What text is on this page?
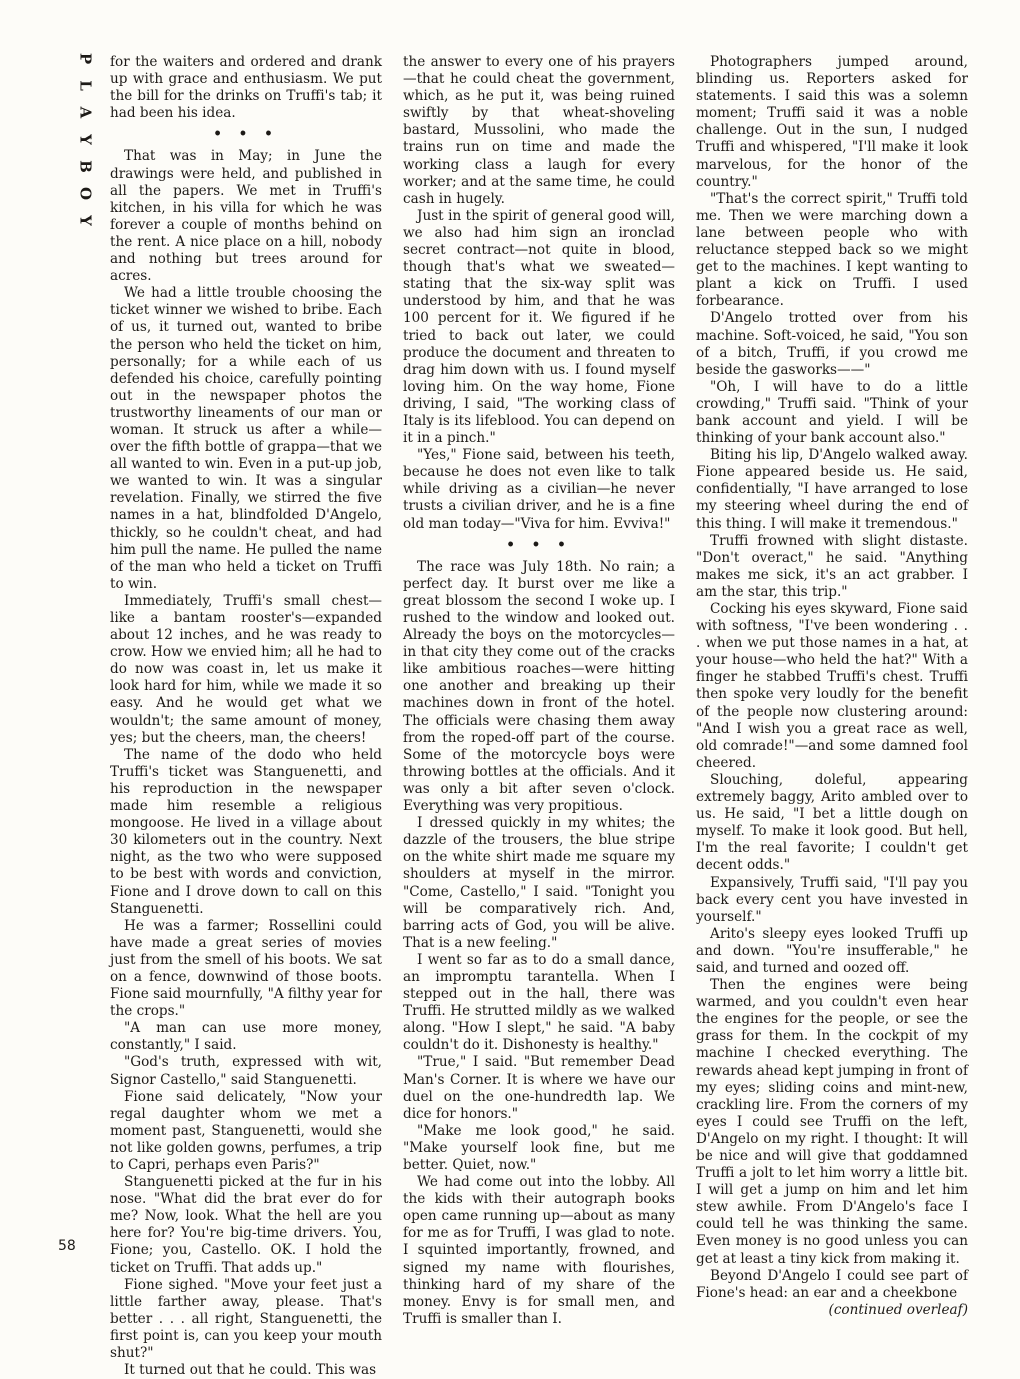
P
L
A
Y
B
O
Y

for the waiters and ordered and drank up with grace and enthusiasm. We put the bill for the drinks on Truffi's tab; it had been his idea.

• • •

That was in May; in June the drawings were held, and published in all the papers. We met in Truffi's kitchen, in his villa for which he was forever a couple of months behind on the rent. A nice place on a hill, nobody and nothing but trees around for acres.

We had a little trouble choosing the ticket winner we wished to bribe. Each of us, it turned out, wanted to bribe the person who held the ticket on him, personally; for a while each of us defended his choice, carefully pointing out in the newspaper photos the trustworthy lineaments of our man or woman. It struck us after a while—over the fifth bottle of grappa—that we all wanted to win. Even in a put-up job, we wanted to win. It was a singular revelation. Finally, we stirred the five names in a hat, blindfolded D'Angelo, thickly, so he couldn't cheat, and had him pull the name. He pulled the name of the man who held a ticket on Truffi to win.

Immediately, Truffi's small chest—like a bantam rooster's—expanded about 12 inches, and he was ready to crow. How we envied him; all he had to do now was coast in, let us make it look hard for him, while we made it so easy. And he would get what we wouldn't; the same amount of money, yes; but the cheers, man, the cheers!

The name of the dodo who held Truffi's ticket was Stanguenetti, and his reproduction in the newspaper made him resemble a religious mongoose. He lived in a village about 30 kilometers out in the country. Next night, as the two who were supposed to be best with words and conviction, Fione and I drove down to call on this Stanguenetti.

He was a farmer; Rossellini could have made a great series of movies just from the smell of his boots. We sat on a fence, downwind of those boots. Fione said mournfully, "A filthy year for the crops."

"A man can use more money, constantly," I said.

"God's truth, expressed with wit, Signor Castello," said Stanguenetti.

Fione said delicately, "Now your regal daughter whom we met a moment past, Stanguenetti, would she not like golden gowns, perfumes, a trip to Capri, perhaps even Paris?"

Stanguenetti picked at the fur in his nose. "What did the brat ever do for me? Now, look. What the hell are you here for? You're big-time drivers. You, Fione; you, Castello. OK. I hold the ticket on Truffi. That adds up."

Fione sighed. "Move your feet just a little farther away, please. That's better . . . all right, Stanguenetti, the first point is, can you keep your mouth shut?"

It turned out that he could. This was

the answer to every one of his prayers—that he could cheat the government, which, as he put it, was being ruined swiftly by that wheat-shoveling bastard, Mussolini, who made the trains run on time and made the working class a laugh for every worker; and at the same time, he could cash in hugely.

Just in the spirit of general good will, we also had him sign an ironclad secret contract—not quite in blood, though that's what we sweated—stating that the six-way split was understood by him, and that he was 100 percent for it. We figured if he tried to back out later, we could produce the document and threaten to drag him down with us. I found myself loving him. On the way home, Fione driving, I said, "The working class of Italy is its lifeblood. You can depend on it in a pinch."

"Yes," Fione said, between his teeth, because he does not even like to talk while driving as a civilian—he never trusts a civilian driver, and he is a fine old man today—"Viva for him. Evviva!"

• • •

The race was July 18th. No rain; a perfect day. It burst over me like a great blossom the second I woke up. I rushed to the window and looked out. Already the boys on the motorcycles—in that city they come out of the cracks like ambitious roaches—were hitting one another and breaking up their machines down in front of the hotel. The officials were chasing them away from the roped-off part of the course. Some of the motorcycle boys were throwing bottles at the officials. And it was only a bit after seven o'clock. Everything was very propitious.

I dressed quickly in my whites; the dazzle of the trousers, the blue stripe on the white shirt made me square my shoulders at myself in the mirror. "Come, Castello," I said. "Tonight you will be comparatively rich. And, barring acts of God, you will be alive. That is a new feeling."

I went so far as to do a small dance, an impromptu tarantella. When I stepped out in the hall, there was Truffi. He strutted mildly as we walked along. "How I slept," he said. "A baby couldn't do it. Dishonesty is healthy."

"True," I said. "But remember Dead Man's Corner. It is where we have our duel on the one-hundredth lap. We dice for honors."

"Make me look good," he said. "Make yourself look fine, but me better. Quiet, now."

We had come out into the lobby. All the kids with their autograph books open came running up—about as many for me as for Truffi, I was glad to note. I squinted importantly, frowned, and signed my name with flourishes, thinking hard of my share of the money. Envy is for small men, and Truffi is smaller than I.

Photographers jumped around, blinding us. Reporters asked for statements. I said this was a solemn moment; Truffi said it was a noble challenge. Out in the sun, I nudged Truffi and whispered, "I'll make it look marvelous, for the honor of the country."

"That's the correct spirit," Truffi told me. Then we were marching down a lane between people who with reluctance stepped back so we might get to the machines. I kept wanting to plant a kick on Truffi. I used forbearance.

D'Angelo trotted over from his machine. Soft-voiced, he said, "You son of a bitch, Truffi, if you crowd me beside the gasworks——"

"Oh, I will have to do a little crowding," Truffi said. "Think of your bank account and yield. I will be thinking of your bank account also."

Biting his lip, D'Angelo walked away. Fione appeared beside us. He said, confidentially, "I have arranged to lose my steering wheel during the end of this thing. I will make it tremendous."

Truffi frowned with slight distaste. "Don't overact," he said. "Anything makes me sick, it's an act grabber. I am the star, this trip."

Cocking his eyes skyward, Fione said with softness, "I've been wondering . . . when we put those names in a hat, at your house—who held the hat?" With a finger he stabbed Truffi's chest. Truffi then spoke very loudly for the benefit of the people now clustering around: "And I wish you a great race as well, old comrade!"—and some damned fool cheered.

Slouching, doleful, appearing extremely baggy, Arito ambled over to us. He said, "I bet a little dough on myself. To make it look good. But hell, I'm the real favorite; I couldn't get decent odds."

Expansively, Truffi said, "I'll pay you back every cent you have invested in yourself."

Arito's sleepy eyes looked Truffi up and down. "You're insufferable," he said, and turned and oozed off.

Then the engines were being warmed, and you couldn't even hear the engines for the people, or see the grass for them. In the cockpit of my machine I checked everything. The rewards ahead kept jumping in front of my eyes; sliding coins and mint-new, crackling lire. From the corners of my eyes I could see Truffi on the left, D'Angelo on my right. I thought: It will be nice and will give that goddamned Truffi a jolt to let him worry a little bit. I will get a jump on him and let him stew awhile. From D'Angelo's face I could tell he was thinking the same. Even money is no good unless you can get at least a tiny kick from making it.

Beyond D'Angelo I could see part of Fione's head: an ear and a cheekbone

(continued overleaf)

58
